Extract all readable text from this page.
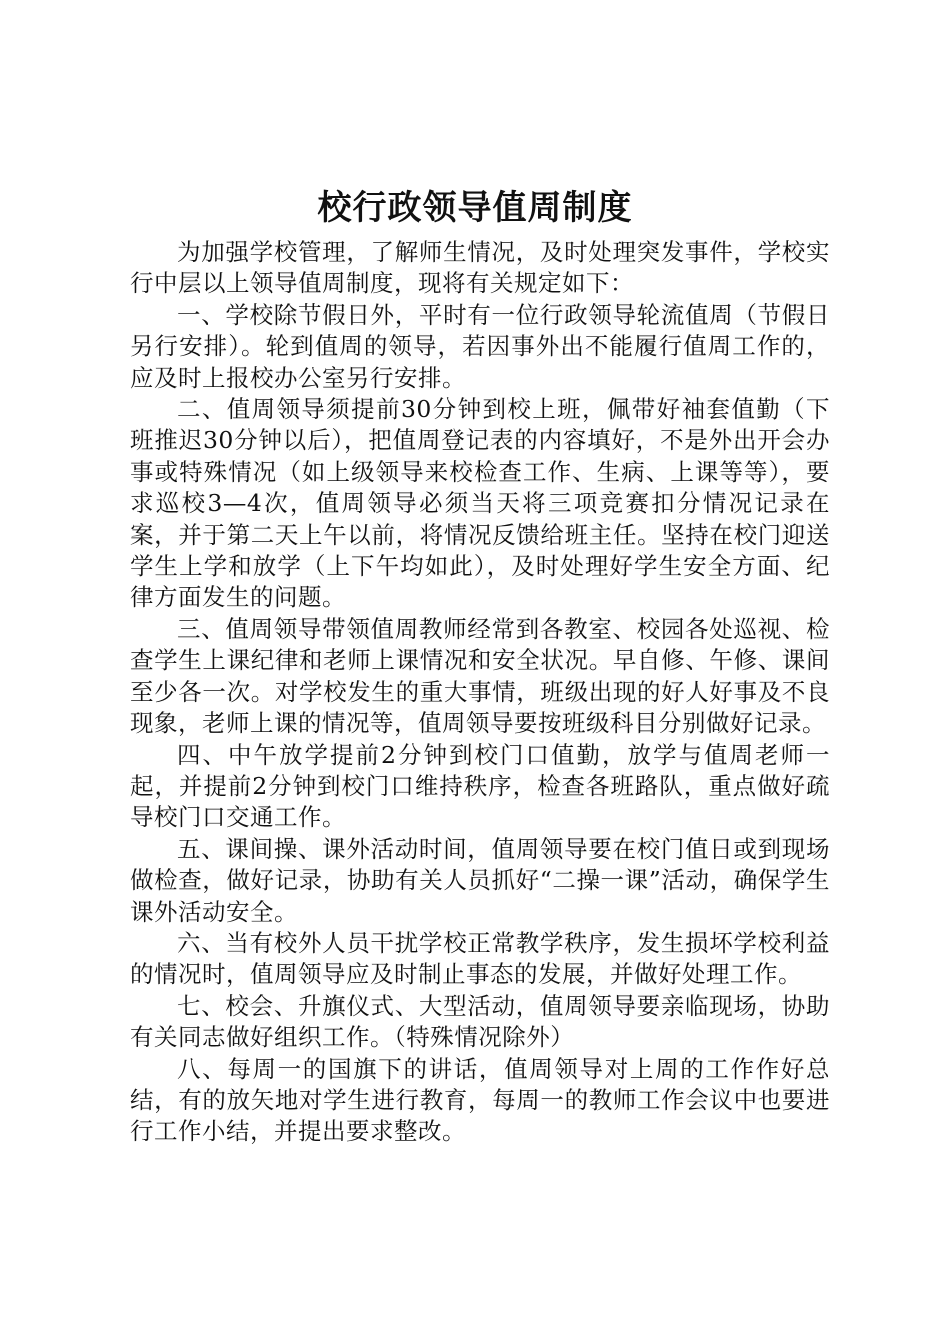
校行政领导值周制度

为加强学校管理，了解师生情况，及时处理突发事件，学校实行中层以上领导值周制度，现将有关规定如下：

一、学校除节假日外，平时有一位行政领导轮流值周（节假日另行安排）。轮到值周的领导，若因事外出不能履行值周工作的，应及时上报校办公室另行安排。

二、值周领导须提前30分钟到校上班，佩带好袖套值勤（下班推迟30分钟以后），把值周登记表的内容填好，不是外出开会办事或特殊情况（如上级领导来校检查工作、生病、上课等等），要求巡校3—4次，值周领导必须当天将三项竞赛扣分情况记录在案，并于第二天上午以前，将情况反馈给班主任。坚持在校门迎送学生上学和放学（上下午均如此），及时处理好学生安全方面、纪律方面发生的问题。

三、值周领导带领值周教师经常到各教室、校园各处巡视、检查学生上课纪律和老师上课情况和安全状况。早自修、午修、课间至少各一次。对学校发生的重大事情，班级出现的好人好事及不良现象，老师上课的情况等，值周领导要按班级科目分别做好记录。

四、中午放学提前2分钟到校门口值勤，放学与值周老师一起，并提前2分钟到校门口维持秩序，检查各班路队，重点做好疏导校门口交通工作。

五、课间操、课外活动时间，值周领导要在校门值日或到现场做检查，做好记录，协助有关人员抓好“二操一课”活动，确保学生课外活动安全。

六、当有校外人员干扰学校正常教学秩序，发生损坏学校利益的情况时，值周领导应及时制止事态的发展，并做好处理工作。

七、校会、升旗仪式、大型活动，值周领导要亲临现场，协助有关同志做好组织工作。（特殊情况除外）

八、每周一的国旗下的讲话，值周领导对上周的工作作好总结，有的放矢地对学生进行教育，每周一的教师工作会议中也要进行工作小结，并提出要求整改。
